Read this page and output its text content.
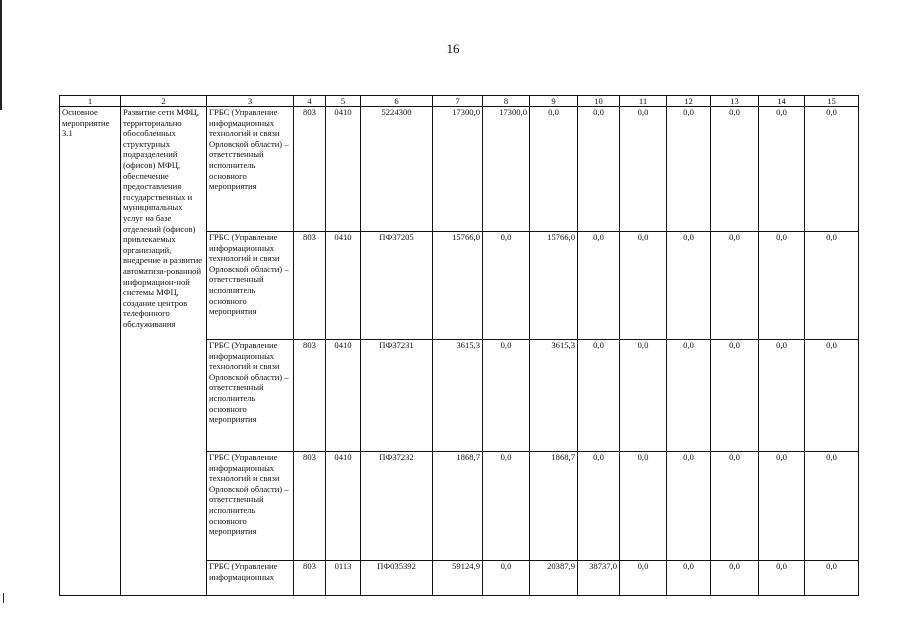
16
1	2	3	4	5	6	7	8	9	10	11	12	13	14	15
Основное мероприятие 3.1	Развитие сети МФЦ, территориально обособленных структурных подразделений (офисов) МФЦ, обеспечение предоставления государственных и муниципальных услуг на базе отделений (офисов) привлекаемых организаций, внедрение и развитие автоматизи-рованной информацион-ной системы МФЦ, создание центров телефонного обслуживания	ГРБС (Управление информационных технологий и связи Орловской области) – ответственный исполнитель основного мероприятия	803	0410	5224300	17300,0	17300,0	0,0	0,0	0,0	0,0	0,0	0,0	0,0
		ГРБС (Управление информационных технологий и связи Орловской области) – ответственный исполнитель основного мероприятия	803	0410	ПФ37205	15766,0	0,0	15766,0	0,0	0,0	0,0	0,0	0,0	0,0
		ГРБС (Управление информационных технологий и связи Орловской области) – ответственный исполнитель основного мероприятия	803	0410	ПФ37231	3615,3	0,0	3615,3	0,0	0,0	0,0	0,0	0,0	0,0
		ГРБС (Управление информационных технологий и связи Орловской области) – ответственный исполнитель основного мероприятия	803	0410	ПФ37232	1868,7	0,0	1868,7	0,0	0,0	0,0	0,0	0,0	0,0

		ГРБС (Управление информационных	803	0113	ПФ035392	59124,9	0,0	20387,9	38737,0	0,0	0,0	0,0	0,0	0,0
